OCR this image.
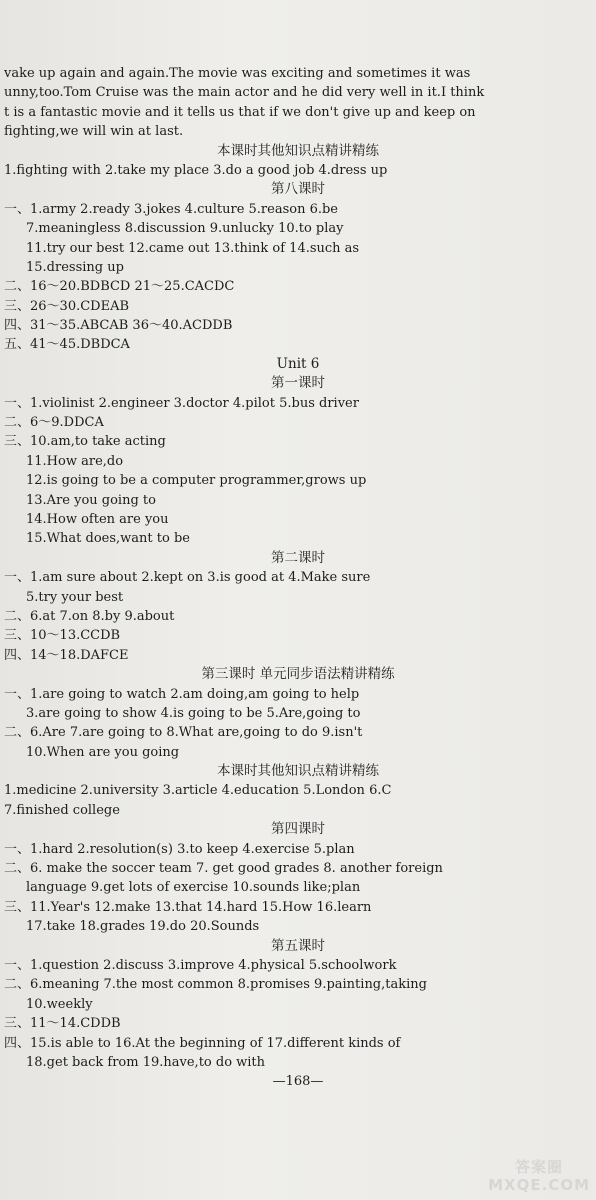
vake up again and again.The movie was exciting and sometimes it was
unny,too.Tom Cruise was the main actor and he did very well in it.I think
t is a fantastic movie and it tells us that if we don't give up and keep on
fighting,we will win at last.
本课时其他知识点精讲精练
1.fighting with 2.take my place 3.do a good job 4.dress up
第八课时
一、1.army 2.ready 3.jokes 4.culture 5.reason 6.be
7.meaningless 8.discussion 9.unlucky 10.to play
11.try our best 12.came out 13.think of 14.such as
15.dressing up
二、16～20.BDBCD 21～25.CACDC
三、26～30.CDEAB
四、31～35.ABCAB 36～40.ACDDB
五、41～45.DBDCA
Unit 6
第一课时
一、1.violinist 2.engineer 3.doctor 4.pilot 5.bus driver
二、6～9.DDCA
三、10.am,to take acting
11.How are,do
12.is going to be a computer programmer,grows up
13.Are you going to
14.How often are you
15.What does,want to be
第二课时
一、1.am sure about 2.kept on 3.is good at 4.Make sure
5.try your best
二、6.at 7.on 8.by 9.about
三、10～13.CCDB
四、14～18.DAFCE
第三课时 单元同步语法精讲精练
一、1.are going to watch 2.am doing,am going to help
3.are going to show 4.is going to be 5.Are,going to
二、6.Are 7.are going to 8.What are,going to do 9.isn't
10.When are you going
本课时其他知识点精讲精练
1.medicine 2.university 3.article 4.education 5.London 6.C
7.finished college
第四课时
一、1.hard 2.resolution(s) 3.to keep 4.exercise 5.plan
二、6. make the soccer team 7. get good grades 8. another foreign
language 9.get lots of exercise 10.sounds like;plan
三、11.Year's 12.make 13.that 14.hard 15.How 16.learn
17.take 18.grades 19.do 20.Sounds
第五课时
一、1.question 2.discuss 3.improve 4.physical 5.schoolwork
二、6.meaning 7.the most common 8.promises 9.painting,taking
10.weekly
三、11～14.CDDB
四、15.is able to 16.At the beginning of 17.different kinds of
18.get back from 19.have,to do with
—168—
答案圈
MXQE.COM
